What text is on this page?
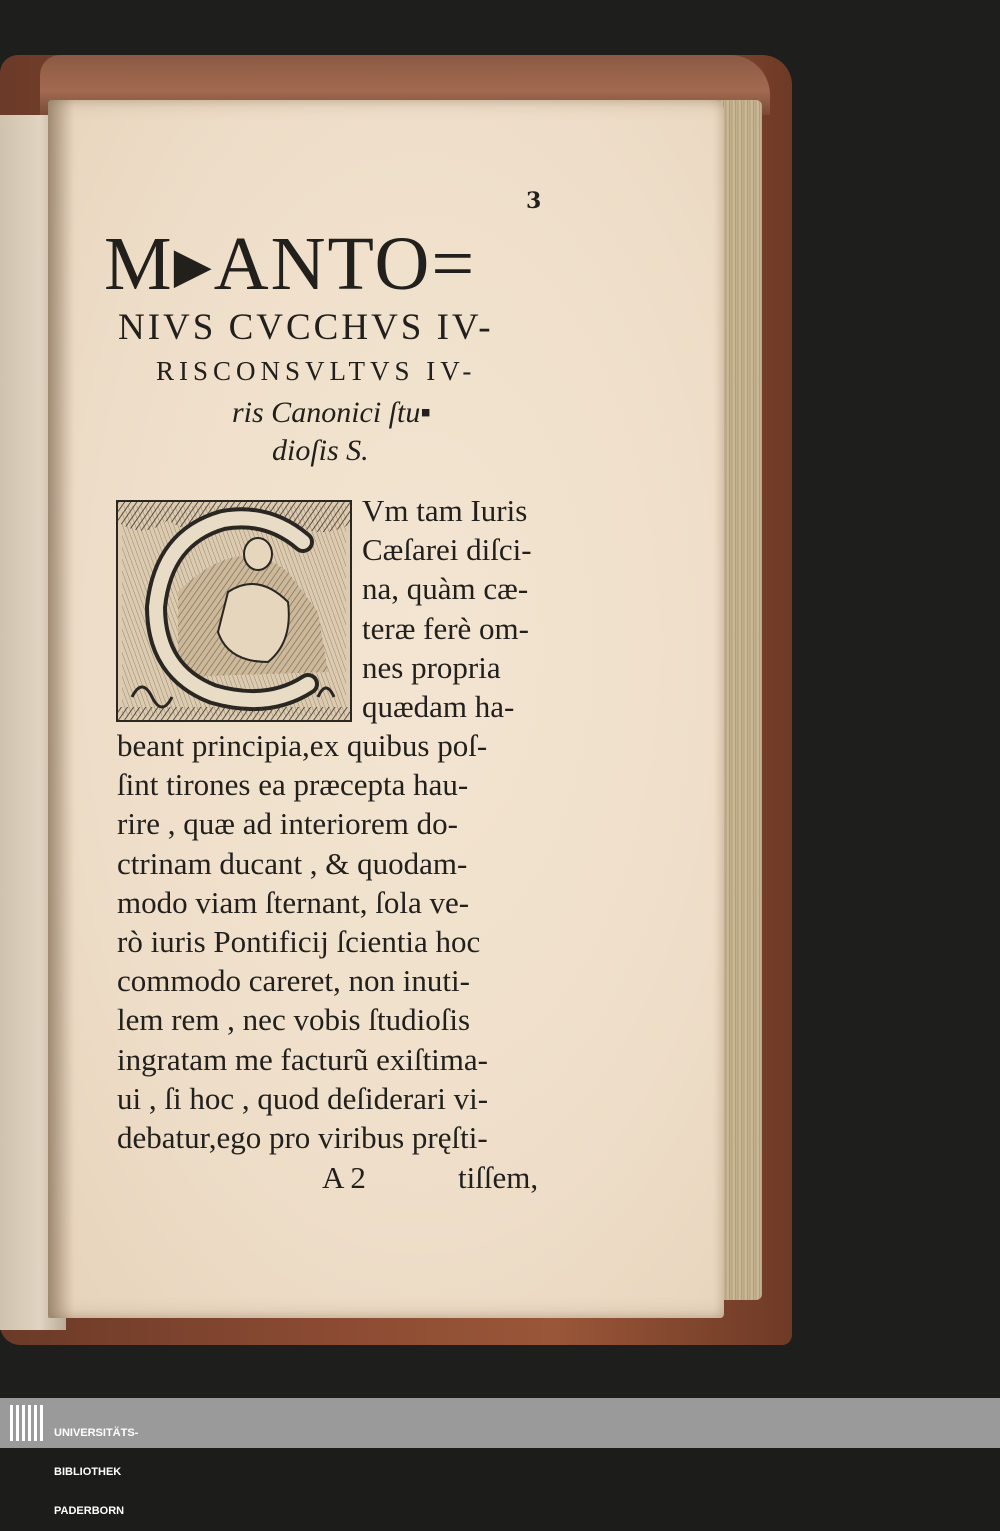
3
M▸ANTO=
NIVS CVCCHVS IV-
RISCONSVLTVS IV-
ris Canonici ſtu▪
dioſis S.
Vm tam Iuris
Cæſarei diſci-
na, quàm cæ-
teræ ferè om-
nes propria
quædam ha-
beant principia,ex quibus poſ-
ſint tirones ea præcepta hau-
rire , quæ ad interiorem do-
ctrinam ducant , & quodam-
modo viam ſternant, ſola ve-
rò iuris Pontificij ſcientia hoc
commodo careret, non inuti-
lem rem , nec vobis ſtudioſis
ingratam me facturũ exiſtima-
ui , ſi hoc , quod deſiderari vi-
debatur,ego pro viribus pręſti-
A 2	tiſſem,

UNIVERSITÄTS-

BIBLIOTHEK

PADERBORN
